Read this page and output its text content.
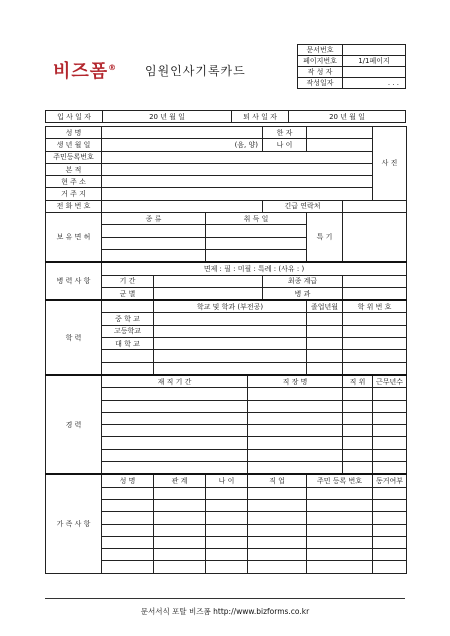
비즈폼® 임원인사기록카드
문서번호	
페이지번호	1/1페이지
작 성 자	
작성일자	. . .
입 사 일 자	20 년 월 일	퇴 사 일 자	20 년 월 일
성 명					한 자			사 진
생 년 월 일	(음, 양)				나 이			
주민등록번호								
본 적								
현 주 소								
거 주 지								
전 화 번 호					긴급 연락처			
보 유 면 허	종 류		취 득 일			특 기		

병 력 사 항	면제 : 필 : 미필 : 특례 : (사유 : )							
	기 간				최종 계급			
	군 별				병 과			
학 력		학교 및 학과 (부전공)				졸업년월	학 위 번 호	
	중 학 교							
	고등학교							
	대 학 교							

경 력	재 직 기 간			직 장 명			직 위	근무년수

가 족 사 항	성 명	관 계	나 이	직 업		주민 등록 번호		동거여부

문서서식 포탈 비즈폼 http://www.bizforms.co.kr
